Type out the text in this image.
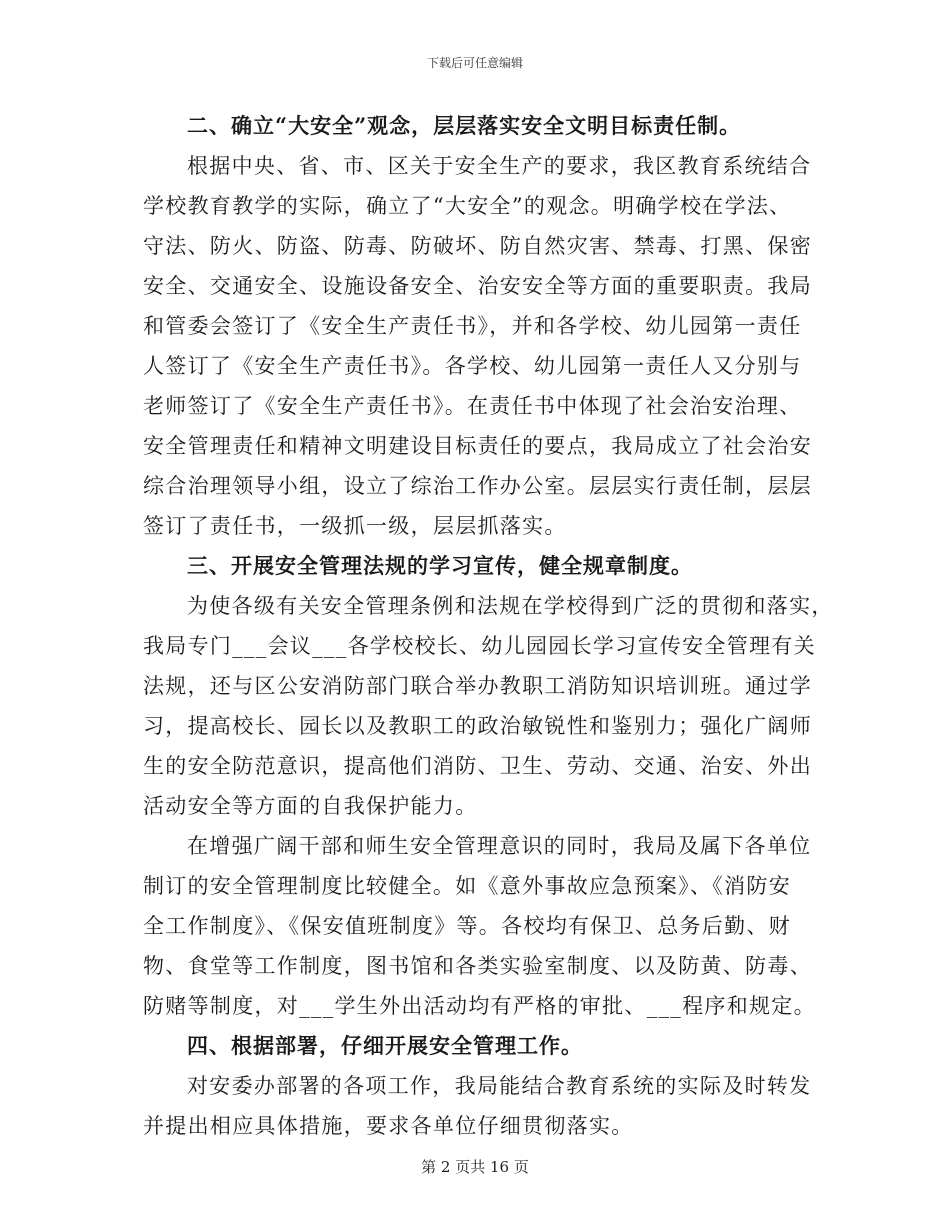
下载后可任意编辑
二、确立“大安全”观念，层层落实安全文明目标责任制。
根据中央、省、市、区关于安全生产的要求，我区教育系统结合
学校教育教学的实际，确立了“大安全”的观念。明确学校在学法、
守法、防火、防盗、防毒、防破坏、防自然灾害、禁毒、打黑、保密
安全、交通安全、设施设备安全、治安安全等方面的重要职责。我局
和管委会签订了《安全生产责任书》，并和各学校、幼儿园第一责任
人签订了《安全生产责任书》。各学校、幼儿园第一责任人又分别与
老师签订了《安全生产责任书》。在责任书中体现了社会治安治理、
安全管理责任和精神文明建设目标责任的要点，我局成立了社会治安
综合治理领导小组，设立了综治工作办公室。层层实行责任制，层层
签订了责任书，一级抓一级，层层抓落实。
三、开展安全管理法规的学习宣传，健全规章制度。
为使各级有关安全管理条例和法规在学校得到广泛的贯彻和落实，
我局专门___会议___各学校校长、幼儿园园长学习宣传安全管理有关
法规，还与区公安消防部门联合举办教职工消防知识培训班。通过学
习，提高校长、园长以及教职工的政治敏锐性和鉴别力；强化广阔师
生的安全防范意识，提高他们消防、卫生、劳动、交通、治安、外出
活动安全等方面的自我保护能力。
在增强广阔干部和师生安全管理意识的同时，我局及属下各单位
制订的安全管理制度比较健全。如《意外事故应急预案》、《消防安
全工作制度》、《保安值班制度》等。各校均有保卫、总务后勤、财
物、食堂等工作制度，图书馆和各类实验室制度、以及防黄、防毒、
防赌等制度，对___学生外出活动均有严格的审批、___程序和规定。
四、根据部署，仔细开展安全管理工作。
对安委办部署的各项工作，我局能结合教育系统的实际及时转发
并提出相应具体措施，要求各单位仔细贯彻落实。
第 2 页共 16 页
